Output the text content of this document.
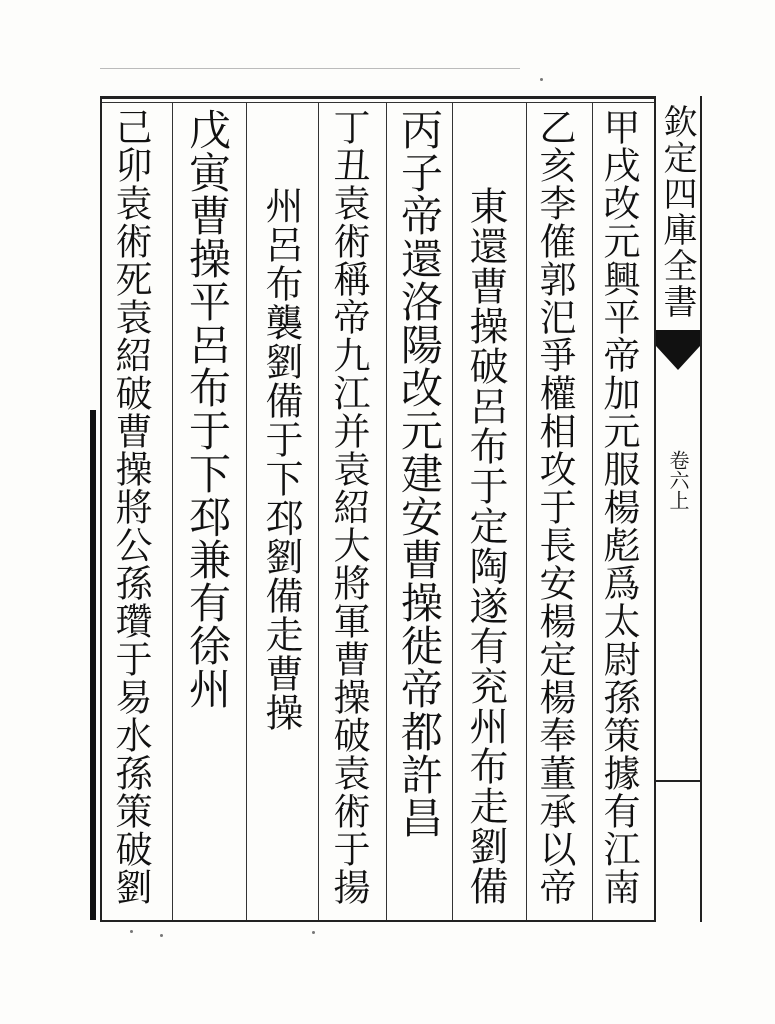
欽定四庫全書
卷六上
甲戌改元興平帝加元服楊彪爲太尉孫策據有江南
乙亥李傕郭汜爭權相攻于長安楊定楊奉董承以帝
東還曹操破呂布于定陶遂有兖州布走劉備
丙子帝還洛陽改元建安曹操徙帝都許昌
丁丑袁術稱帝九江并袁紹大將軍曹操破袁術于揚
州呂布襲劉備于下邳劉備走曹操
戊寅曹操平呂布于下邳兼有徐州
己卯袁術死袁紹破曹操將公孫瓚于易水孫策破劉
